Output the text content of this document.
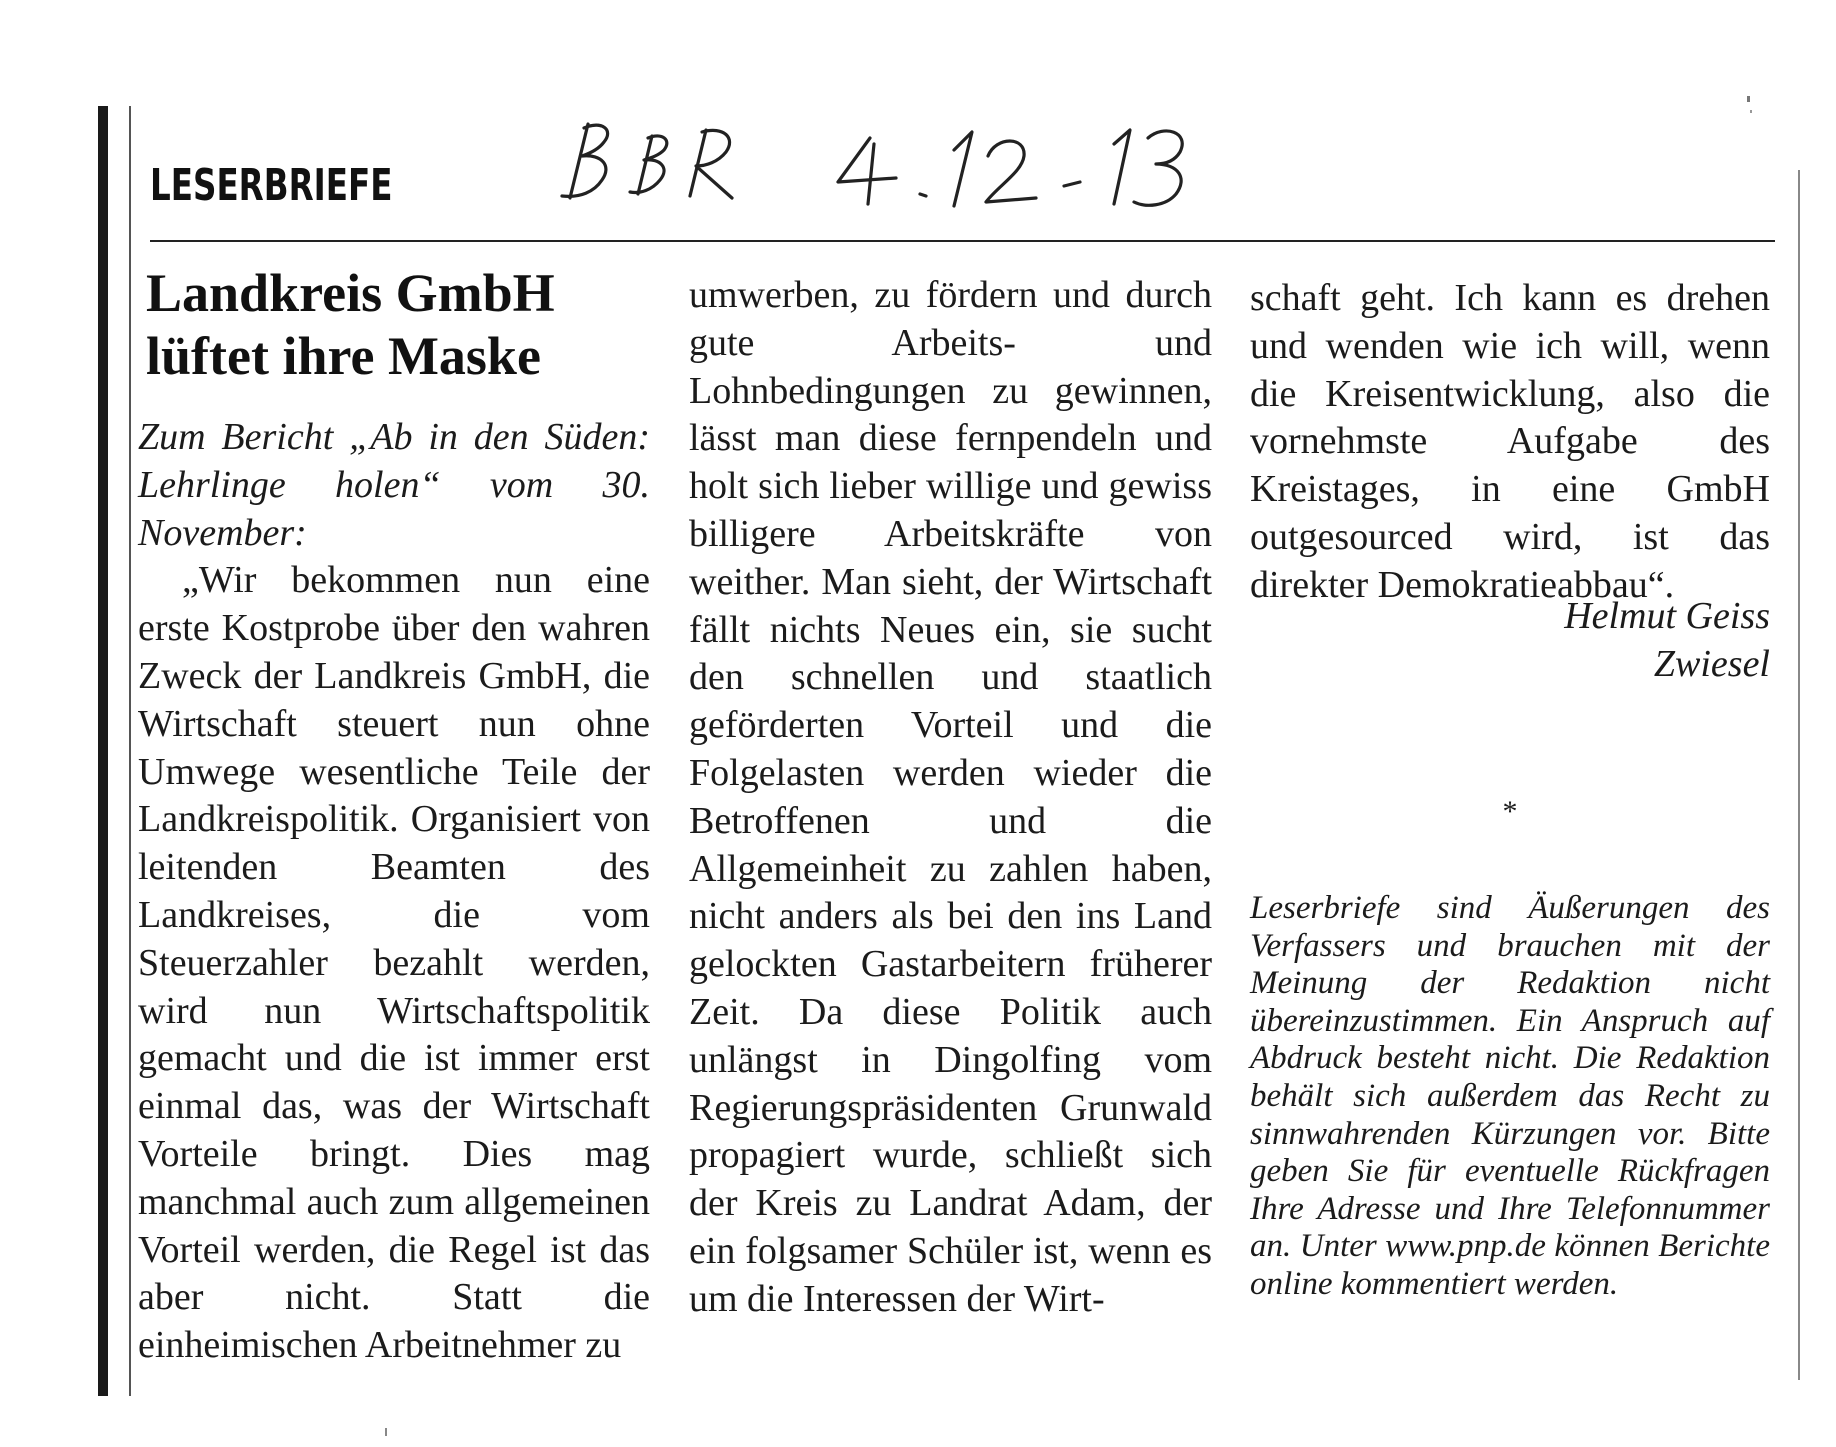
LESERBRIEFE
Landkreis GmbH
lüftet ihre Maske

Zum Bericht „Ab in den Süden: Lehrlinge holen“ vom 30. November:

„Wir bekommen nun eine erste Kostprobe über den wahren Zweck der Landkreis GmbH, die Wirtschaft steuert nun ohne Umwege wesentliche Teile der Landkreispolitik. Organisiert von leitenden Beamten des Landkreises, die vom Steuerzahler bezahlt werden, wird nun Wirtschaftspolitik gemacht und die ist immer erst einmal das, was der Wirtschaft Vorteile bringt. Dies mag manchmal auch zum allgemeinen Vorteil werden, die Regel ist das aber nicht. Statt die einheimischen Arbeitnehmer zu

umwerben, zu fördern und durch gute Arbeits- und Lohnbedingungen zu gewinnen, lässt man diese fernpendeln und holt sich lieber willige und gewiss billigere Arbeitskräfte von weither. Man sieht, der Wirtschaft fällt nichts Neues ein, sie sucht den schnellen und staatlich geförderten Vorteil und die Folgelasten werden wieder die Betroffenen und die Allgemeinheit zu zahlen haben, nicht anders als bei den ins Land gelockten Gastarbeitern früherer Zeit. Da diese Politik auch unlängst in Dingolfing vom Regierungspräsidenten Grunwald propagiert wurde, schließt sich der Kreis zu Landrat Adam, der ein folgsamer Schüler ist, wenn es um die Interessen der Wirt-

schaft geht. Ich kann es drehen und wenden wie ich will, wenn die Kreisentwicklung, also die vornehmste Aufgabe des Kreistages, in eine GmbH outgesourced wird, ist das direkter Demokratieabbau“.

Helmut Geiss

Zwiesel

*

Leserbriefe sind Äußerungen des Verfassers und brauchen mit der Meinung der Redaktion nicht übereinzustimmen. Ein Anspruch auf Abdruck besteht nicht. Die Redaktion behält sich außerdem das Recht zu sinnwahrenden Kürzungen vor. Bitte geben Sie für eventuelle Rückfragen Ihre Adresse und Ihre Telefonnummer an. Unter www.pnp.de können Berichte online kommentiert werden.
